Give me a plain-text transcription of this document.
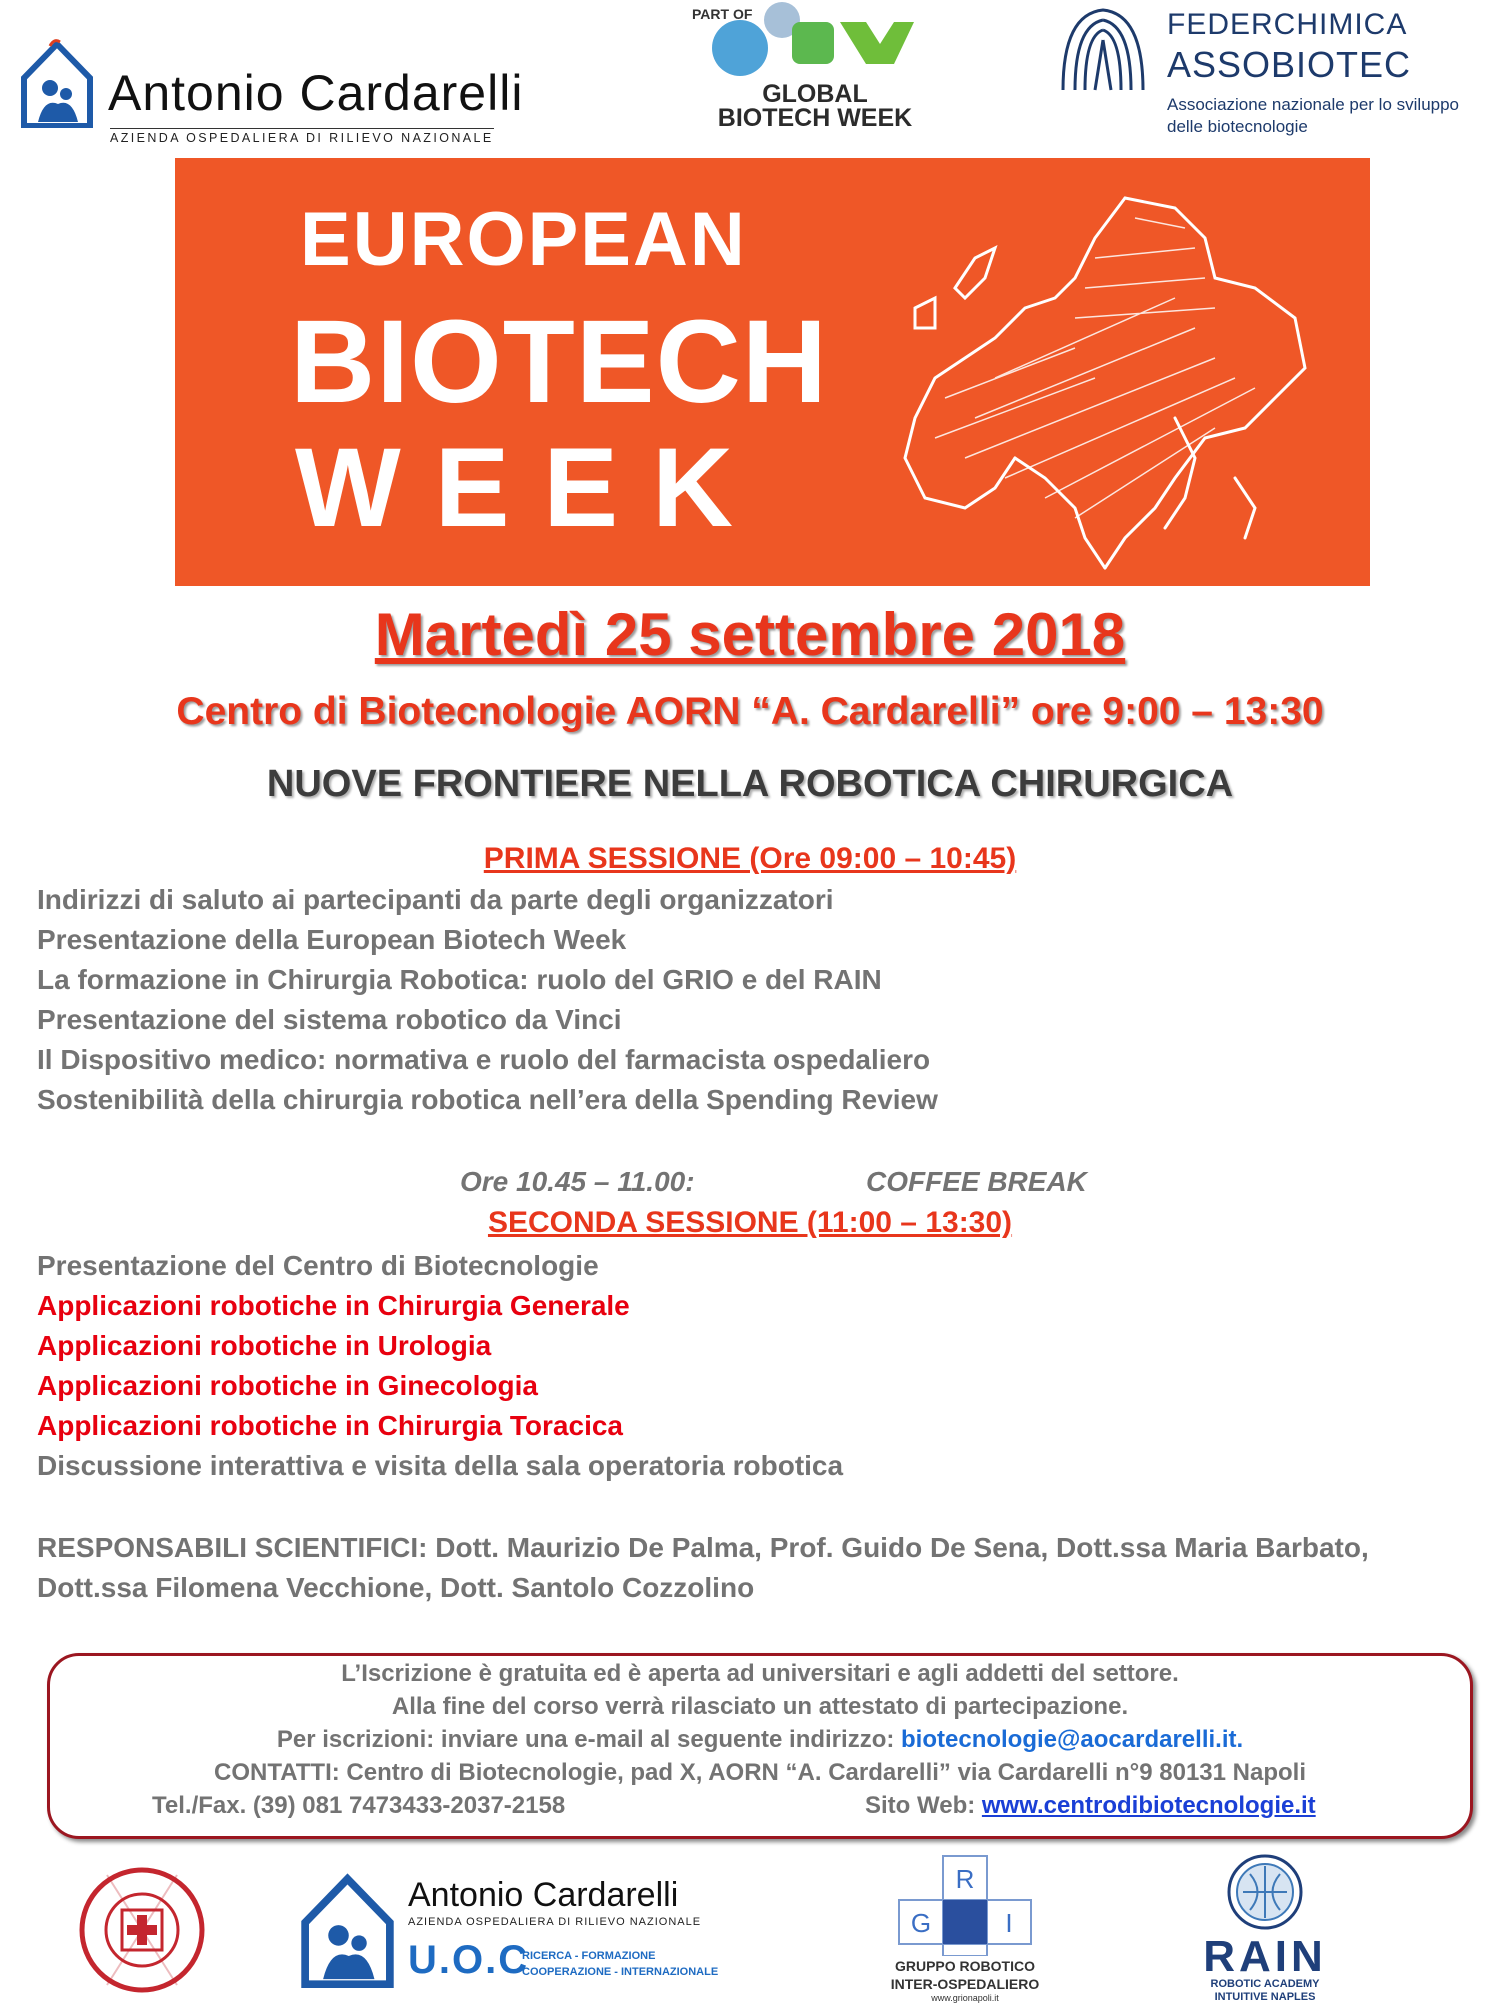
Antonio Cardarelli
AZIENDA OSPEDALIERA DI RILIEVO NAZIONALE
PART OF
GLOBAL BIOTECH WEEK
FEDERCHIMICA
ASSOBIOTEC
Associazione nazionale per lo sviluppo delle biotecnologie
EUROPEAN
BIOTECH
WEEK
Martedì 25 settembre 2018
Centro di Biotecnologie AORN “A. Cardarelli” ore 9:00 – 13:30
NUOVE FRONTIERE NELLA ROBOTICA CHIRURGICA
PRIMA SESSIONE (Ore 09:00 – 10:45)
Indirizzi di saluto ai partecipanti da parte degli organizzatori
Presentazione della European Biotech Week
La formazione in Chirurgia Robotica: ruolo del GRIO e del RAIN
Presentazione del sistema robotico da Vinci
Il Dispositivo medico: normativa e ruolo del farmacista ospedaliero
Sostenibilità della chirurgia robotica nell’era della Spending Review
Ore 10.45 – 11.00:	COFFEE BREAK
SECONDA SESSIONE (11:00 – 13:30)
Presentazione del Centro di Biotecnologie
Applicazioni robotiche in Chirurgia Generale
Applicazioni robotiche in Urologia
Applicazioni robotiche in Ginecologia
Applicazioni robotiche in Chirurgia Toracica
Discussione interattiva e visita della sala operatoria robotica
RESPONSABILI SCIENTIFICI: Dott. Maurizio De Palma, Prof. Guido De Sena, Dott.ssa Maria Barbato,
Dott.ssa Filomena Vecchione, Dott. Santolo Cozzolino
L’Iscrizione è gratuita ed è aperta ad universitari e agli addetti del settore.
Alla fine del corso verrà rilasciato un attestato di partecipazione.
Per iscrizioni: inviare una e-mail al seguente indirizzo: biotecnologie@aocardarelli.it.
CONTATTI: Centro di Biotecnologie, pad X, AORN “A. Cardarelli” via Cardarelli n°9 80131 Napoli
Tel./Fax. (39) 081 7473433-2037-2158	Sito Web: www.centrodibiotecnologie.it
Antonio Cardarelli
AZIENDA OSPEDALIERA DI RILIEVO NAZIONALE
U.O.C
RICERCA - FORMAZIONE
COOPERAZIONE - INTERNAZIONALE
R
G	I
GRUPPO ROBOTICO
INTER-OSPEDALIERO
www.grionapoli.it
RAIN
ROBOTIC ACADEMY
INTUITIVE NAPLES
